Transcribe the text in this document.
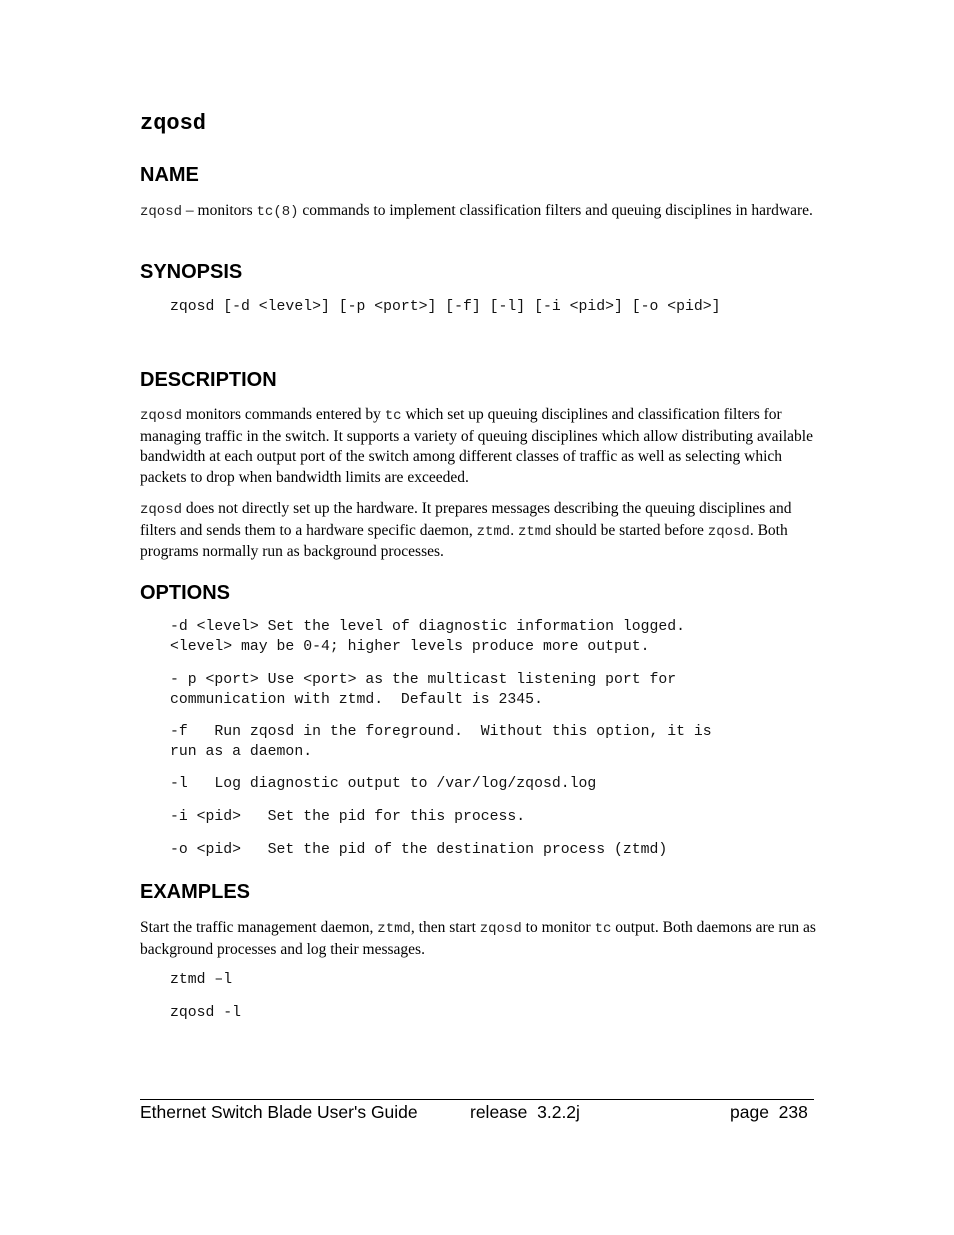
zqosd
NAME
zqosd – monitors tc(8) commands to implement classification filters and queuing disciplines in hardware.
SYNOPSIS
zqosd [-d <level>] [-p <port>] [-f] [-l] [-i <pid>] [-o <pid>]
DESCRIPTION
zqosd monitors commands entered by tc which set up queuing disciplines and classification filters for managing traffic in the switch. It supports a variety of queuing disciplines which allow distributing available bandwidth at each output port of the switch among different classes of traffic as well as selecting which packets to drop when bandwidth limits are exceeded.
zqosd does not directly set up the hardware. It prepares messages describing the queuing disciplines and filters and sends them to a hardware specific daemon, ztmd. ztmd should be started before zqosd. Both programs normally run as background processes.
OPTIONS
-d <level> Set the level of diagnostic information logged.
<level> may be 0-4; higher levels produce more output.
- p <port> Use <port> as the multicast listening port for
communication with ztmd.  Default is 2345.
-f   Run zqosd in the foreground.  Without this option, it is
run as a daemon.
-l   Log diagnostic output to /var/log/zqosd.log
-i <pid>   Set the pid for this process.
-o <pid>   Set the pid of the destination process (ztmd)
EXAMPLES
Start the traffic management daemon, ztmd, then start zqosd to monitor tc output. Both daemons are run as background processes and log their messages.
ztmd –l
zqosd -l
Ethernet Switch Blade User's Guide	release  3.2.2j	page  238
